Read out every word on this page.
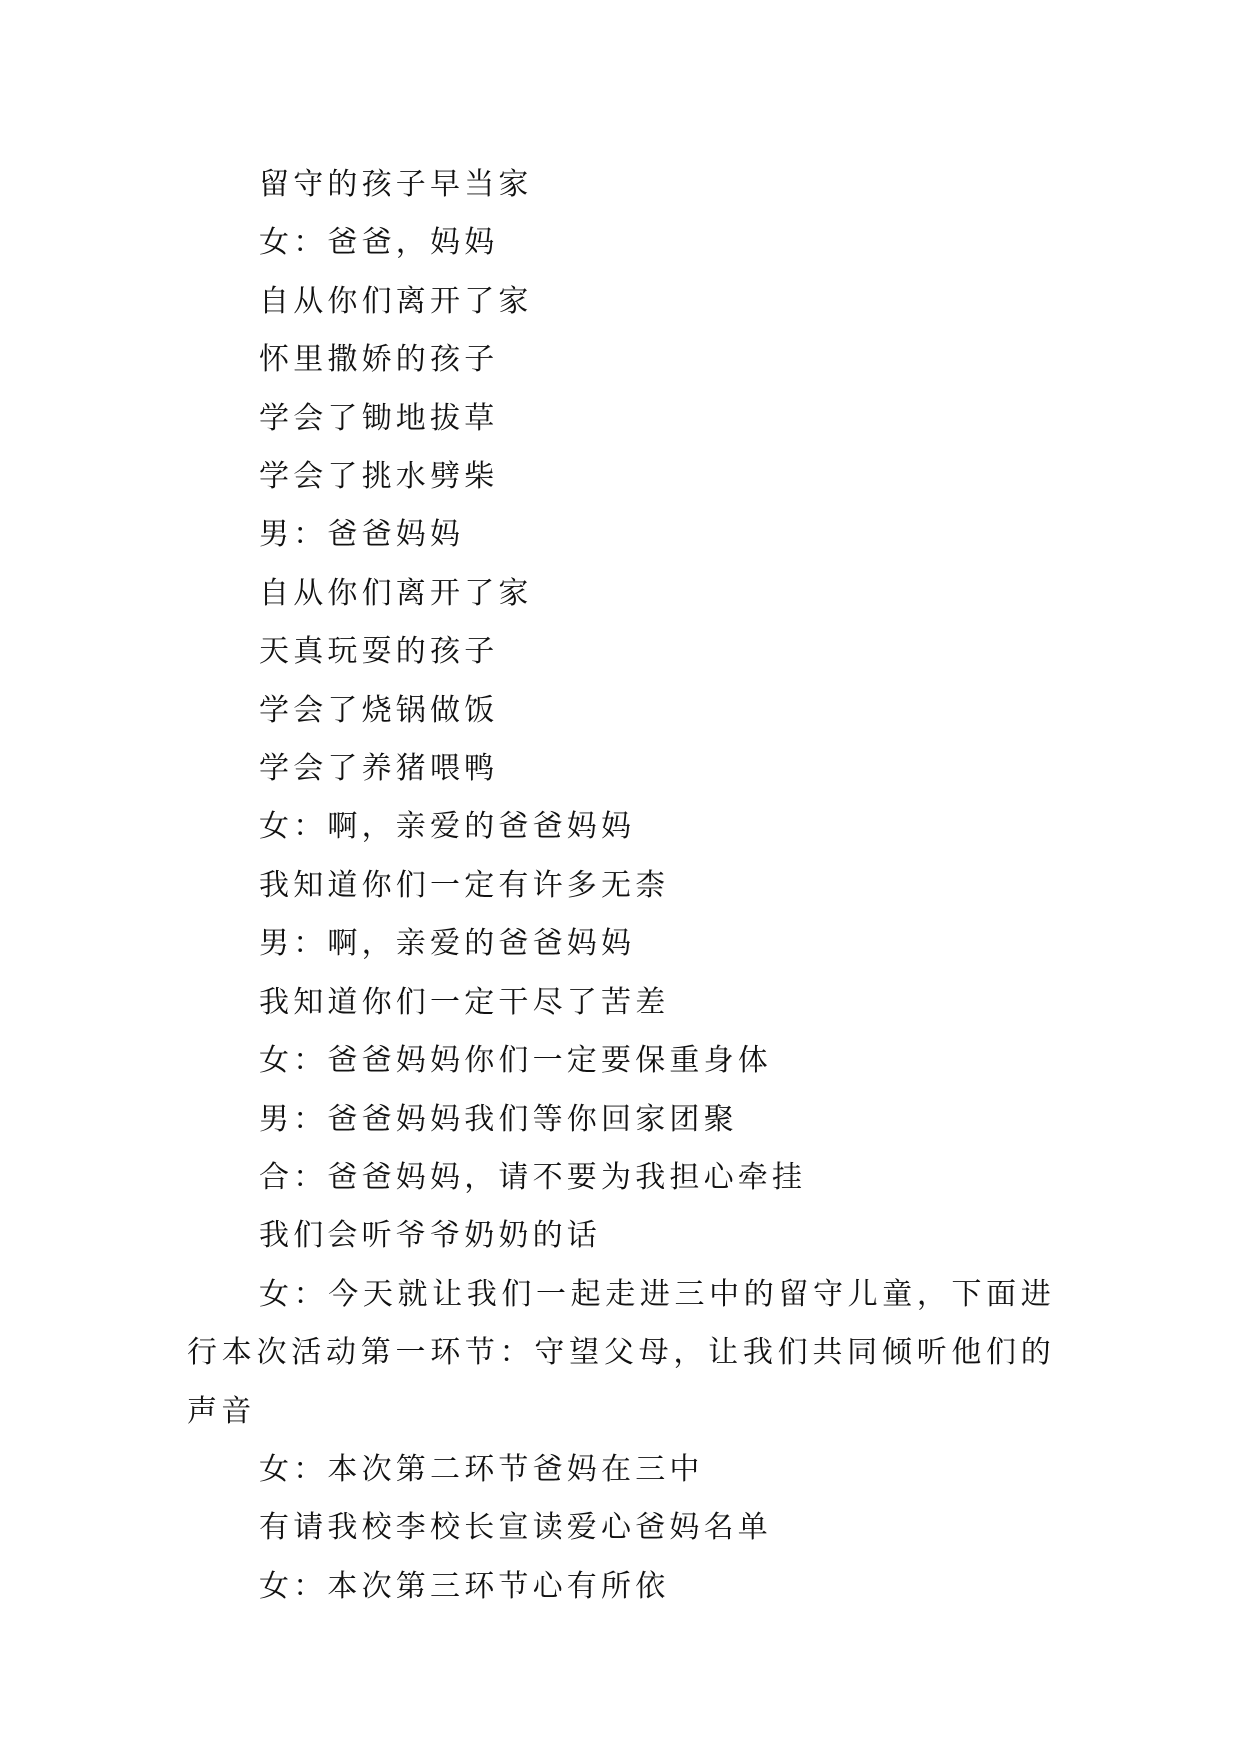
留守的孩子早当家

女：爸爸，妈妈

自从你们离开了家

怀里撒娇的孩子

学会了锄地拔草

学会了挑水劈柴

男：爸爸妈妈

自从你们离开了家

天真玩耍的孩子

学会了烧锅做饭

学会了养猪喂鸭

女：啊，亲爱的爸爸妈妈

我知道你们一定有许多无柰

男：啊，亲爱的爸爸妈妈

我知道你们一定干尽了苦差

女：爸爸妈妈你们一定要保重身体

男：爸爸妈妈我们等你回家团聚

合：爸爸妈妈，请不要为我担心牵挂

我们会听爷爷奶奶的话

女：今天就让我们一起走进三中的留守儿童，下面进行本次活动第一环节：守望父母，让我们共同倾听他们的声音

女：本次第二环节爸妈在三中

有请我校李校长宣读爱心爸妈名单

女：本次第三环节心有所依
